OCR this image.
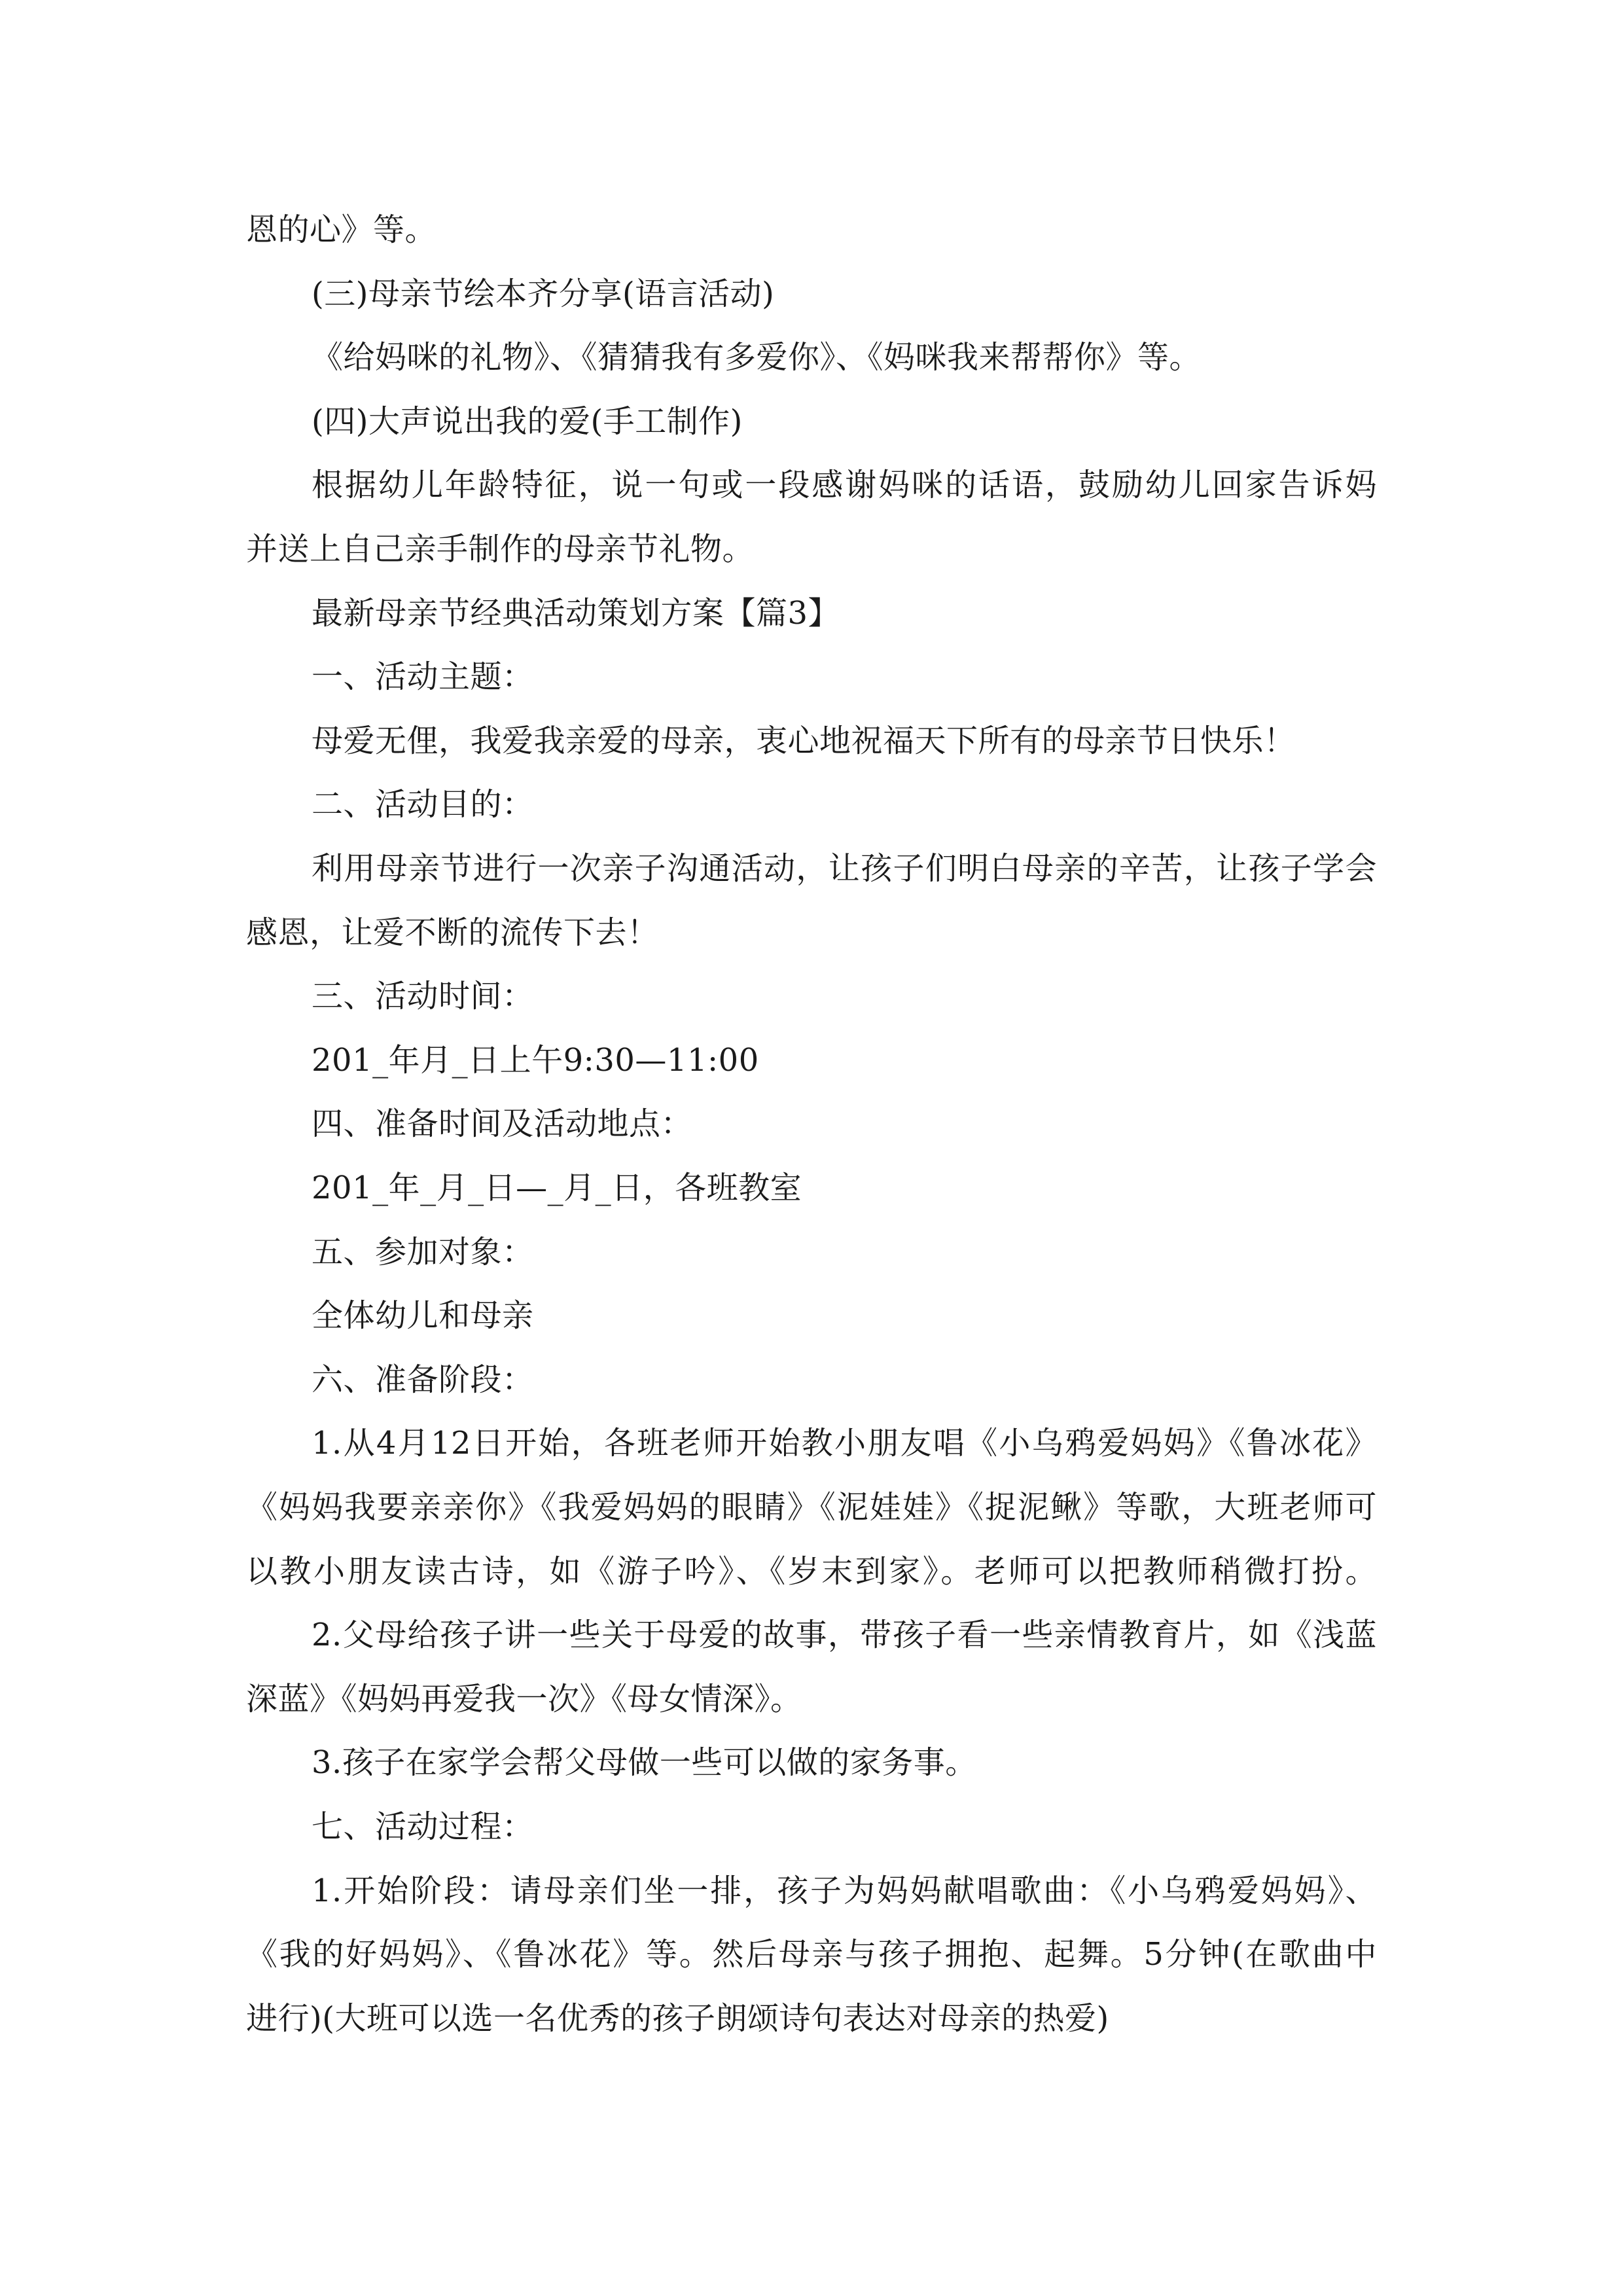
恩的心》等。
(三)母亲节绘本齐分享(语言活动)
《给妈咪的礼物》、《猜猜我有多爱你》、《妈咪我来帮帮你》等。
(四)大声说出我的爱(手工制作)
根据幼儿年龄特征，说一句或一段感谢妈咪的话语，鼓励幼儿回家告诉妈
并送上自己亲手制作的母亲节礼物。
最新母亲节经典活动策划方案【篇3】
一、活动主题：
母爱无俚，我爱我亲爱的母亲，衷心地祝福天下所有的母亲节日快乐！
二、活动目的：
利用母亲节进行一次亲子沟通活动，让孩子们明白母亲的辛苦，让孩子学会
感恩，让爱不断的流传下去！
三、活动时间：
201_年月_日上午9:30—11:00
四、准备时间及活动地点：
201_年_月_日—_月_日，各班教室
五、参加对象：
全体幼儿和母亲
六、准备阶段：
1.从4月12日开始，各班老师开始教小朋友唱《小乌鸦爱妈妈》《鲁冰花》
《妈妈我要亲亲你》《我爱妈妈的眼睛》《泥娃娃》《捉泥鳅》等歌，大班老师可
以教小朋友读古诗，如《游子吟》、《岁末到家》。老师可以把教师稍微打扮。
2.父母给孩子讲一些关于母爱的故事，带孩子看一些亲情教育片，如《浅蓝
深蓝》《妈妈再爱我一次》《母女情深》。
3.孩子在家学会帮父母做一些可以做的家务事。
七、活动过程：
1.开始阶段：请母亲们坐一排，孩子为妈妈献唱歌曲：《小乌鸦爱妈妈》、
《我的好妈妈》、《鲁冰花》等。然后母亲与孩子拥抱、起舞。5分钟(在歌曲中
进行)(大班可以选一名优秀的孩子朗颂诗句表达对母亲的热爱)
